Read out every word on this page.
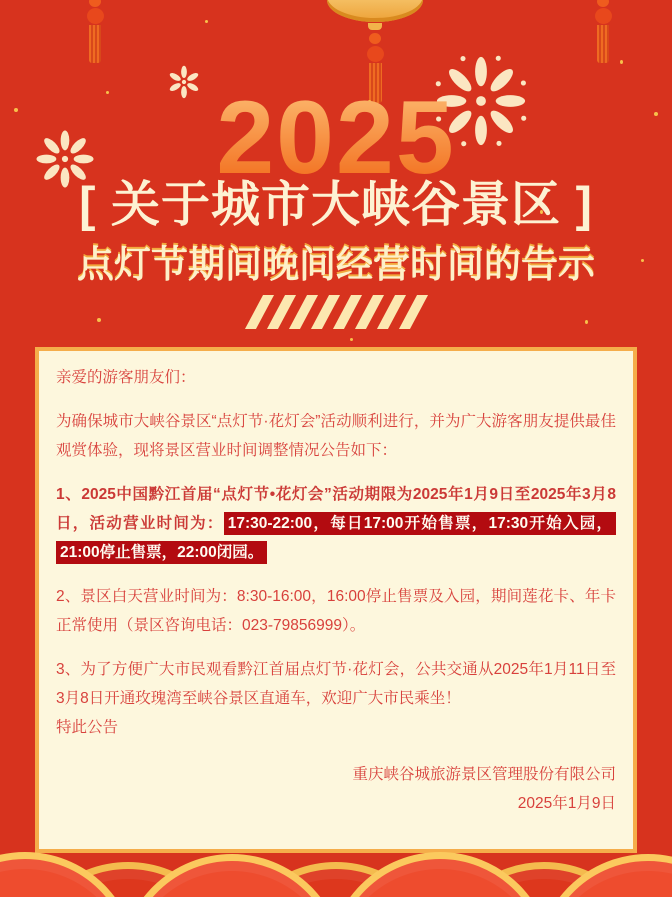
2025
[ 关于城市大峡谷景区 ]
点灯节期间晚间经营时间的告示

亲爱的游客朋友们：

为确保城市大峡谷景区“点灯节·花灯会”活动顺利进行，并为广大游客朋友提供最佳观赏体验，现将景区营业时间调整情况公告如下：

1、2025中国黔江首届“点灯节•花灯会”活动期限为2025年1月9日至2025年3月8日，活动营业时间为： 17:30-22:00，每日17:00开始售票，17:30开始入园，21:00停止售票，22:00闭园。

2、景区白天营业时间为：8:30-16:00，16:00停止售票及入园，期间莲花卡、年卡正常使用（景区咨询电话：023-79856999）。

3、为了方便广大市民观看黔江首届点灯节·花灯会，公共交通从2025年1月11日至3月8日开通玫瑰湾至峡谷景区直通车，欢迎广大市民乘坐！

特此公告

重庆峡谷城旅游景区管理股份有限公司

2025年1月9日
